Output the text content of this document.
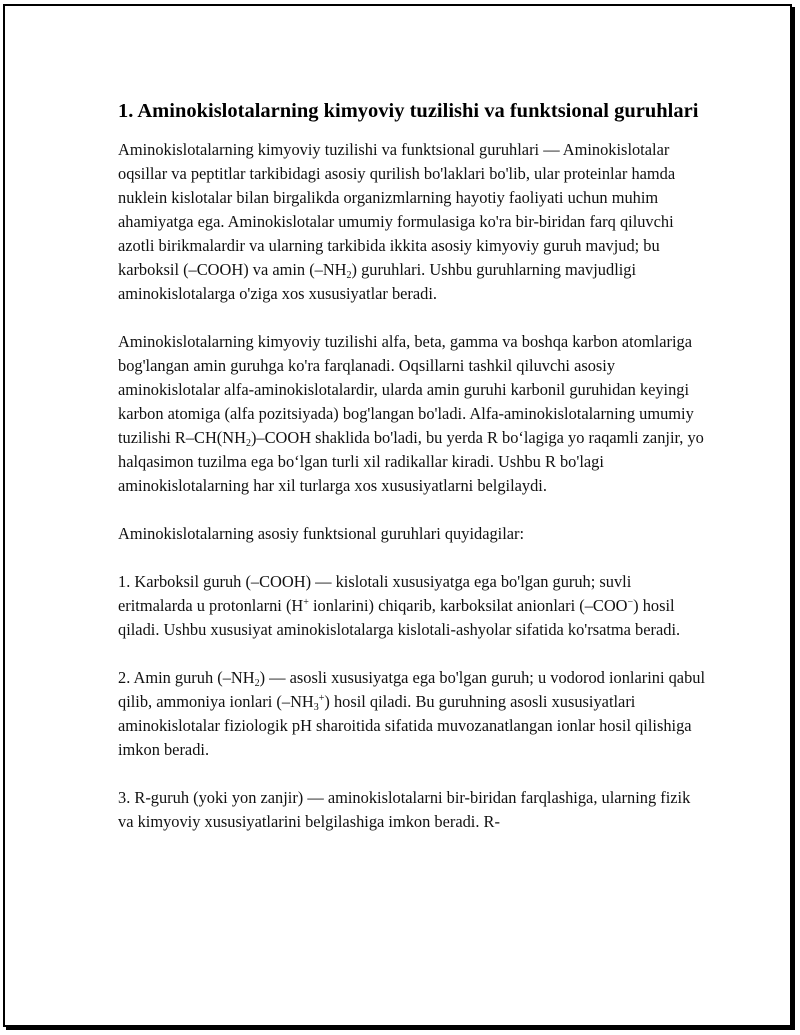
1. Aminokislotalarning kimyoviy tuzilishi va funktsional guruhlari

Aminokislotalarning kimyoviy tuzilishi va funktsional guruhlari — Aminokislotalar oqsillar va peptitlar tarkibidagi asosiy qurilish bo'laklari bo'lib, ular proteinlar hamda nuklein kislotalar bilan birgalikda organizmlarning hayotiy faoliyati uchun muhim ahamiyatga ega. Aminokislotalar umumiy formulasiga ko'ra bir-biridan farq qiluvchi azotli birikmalardir va ularning tarkibida ikkita asosiy kimyoviy guruh mavjud; bu karboksil (–COOH) va amin $(-NH_2)$ guruhlari. Ushbu guruhlarning mavjudligi aminokislotalarga o'ziga xos xususiyatlar beradi.

Aminokislotalarning kimyoviy tuzilishi alfa, beta, gamma va boshqa karbon atomlariga bog'langan amin guruhga ko'ra farqlanadi. Oqsillarni tashkil qiluvchi asosiy aminokislotalar alfa-aminokislotalardir, ularda amin guruhi karbonil guruhidan keyingi karbon atomiga (alfa pozitsiyada) bog'langan bo'ladi. Alfa-aminokislotalarning umumiy tuzilishi $R-CH(NH_2)$–COOH shaklida bo'ladi, bu yerda R bo‘lagiga yo raqamli zanjir, yo halqasimon tuzilma ega bo‘lgan turli xil radikallar kiradi. Ushbu R bo'lagi aminokislotalarning har xil turlarga xos xususiyatlarni belgilaydi.

Aminokislotalarning asosiy funktsional guruhlari quyidagilar:

1. Karboksil guruh (–COOH) — kislotali xususiyatga ega bo'lgan guruh; suvli eritmalarda u protonlarni (H+ ionlarini) chiqarib, karboksilat anionlari (–COO−) hosil qiladi. Ushbu xususiyat aminokislotalarga kislotali-ashyolar sifatida ko'rsatma beradi.

2. Amin guruh $(-NH_2)$ — asosli xususiyatga ega bo'lgan guruh; u vodorod ionlarini qabul qilib, ammoniya ionlari $(-NH_3^+)$ hosil qiladi. Bu guruhning asosli xususiyatlari aminokislotalar fiziologik pH sharoitida sifatida muvozanatlangan ionlar hosil qilishiga imkon beradi.

3. R-guruh (yoki yon zanjir) — aminokislotalarni bir-biridan farqlashiga, ularning fizik va kimyoviy xususiyatlarini belgilashiga imkon beradi. R-
